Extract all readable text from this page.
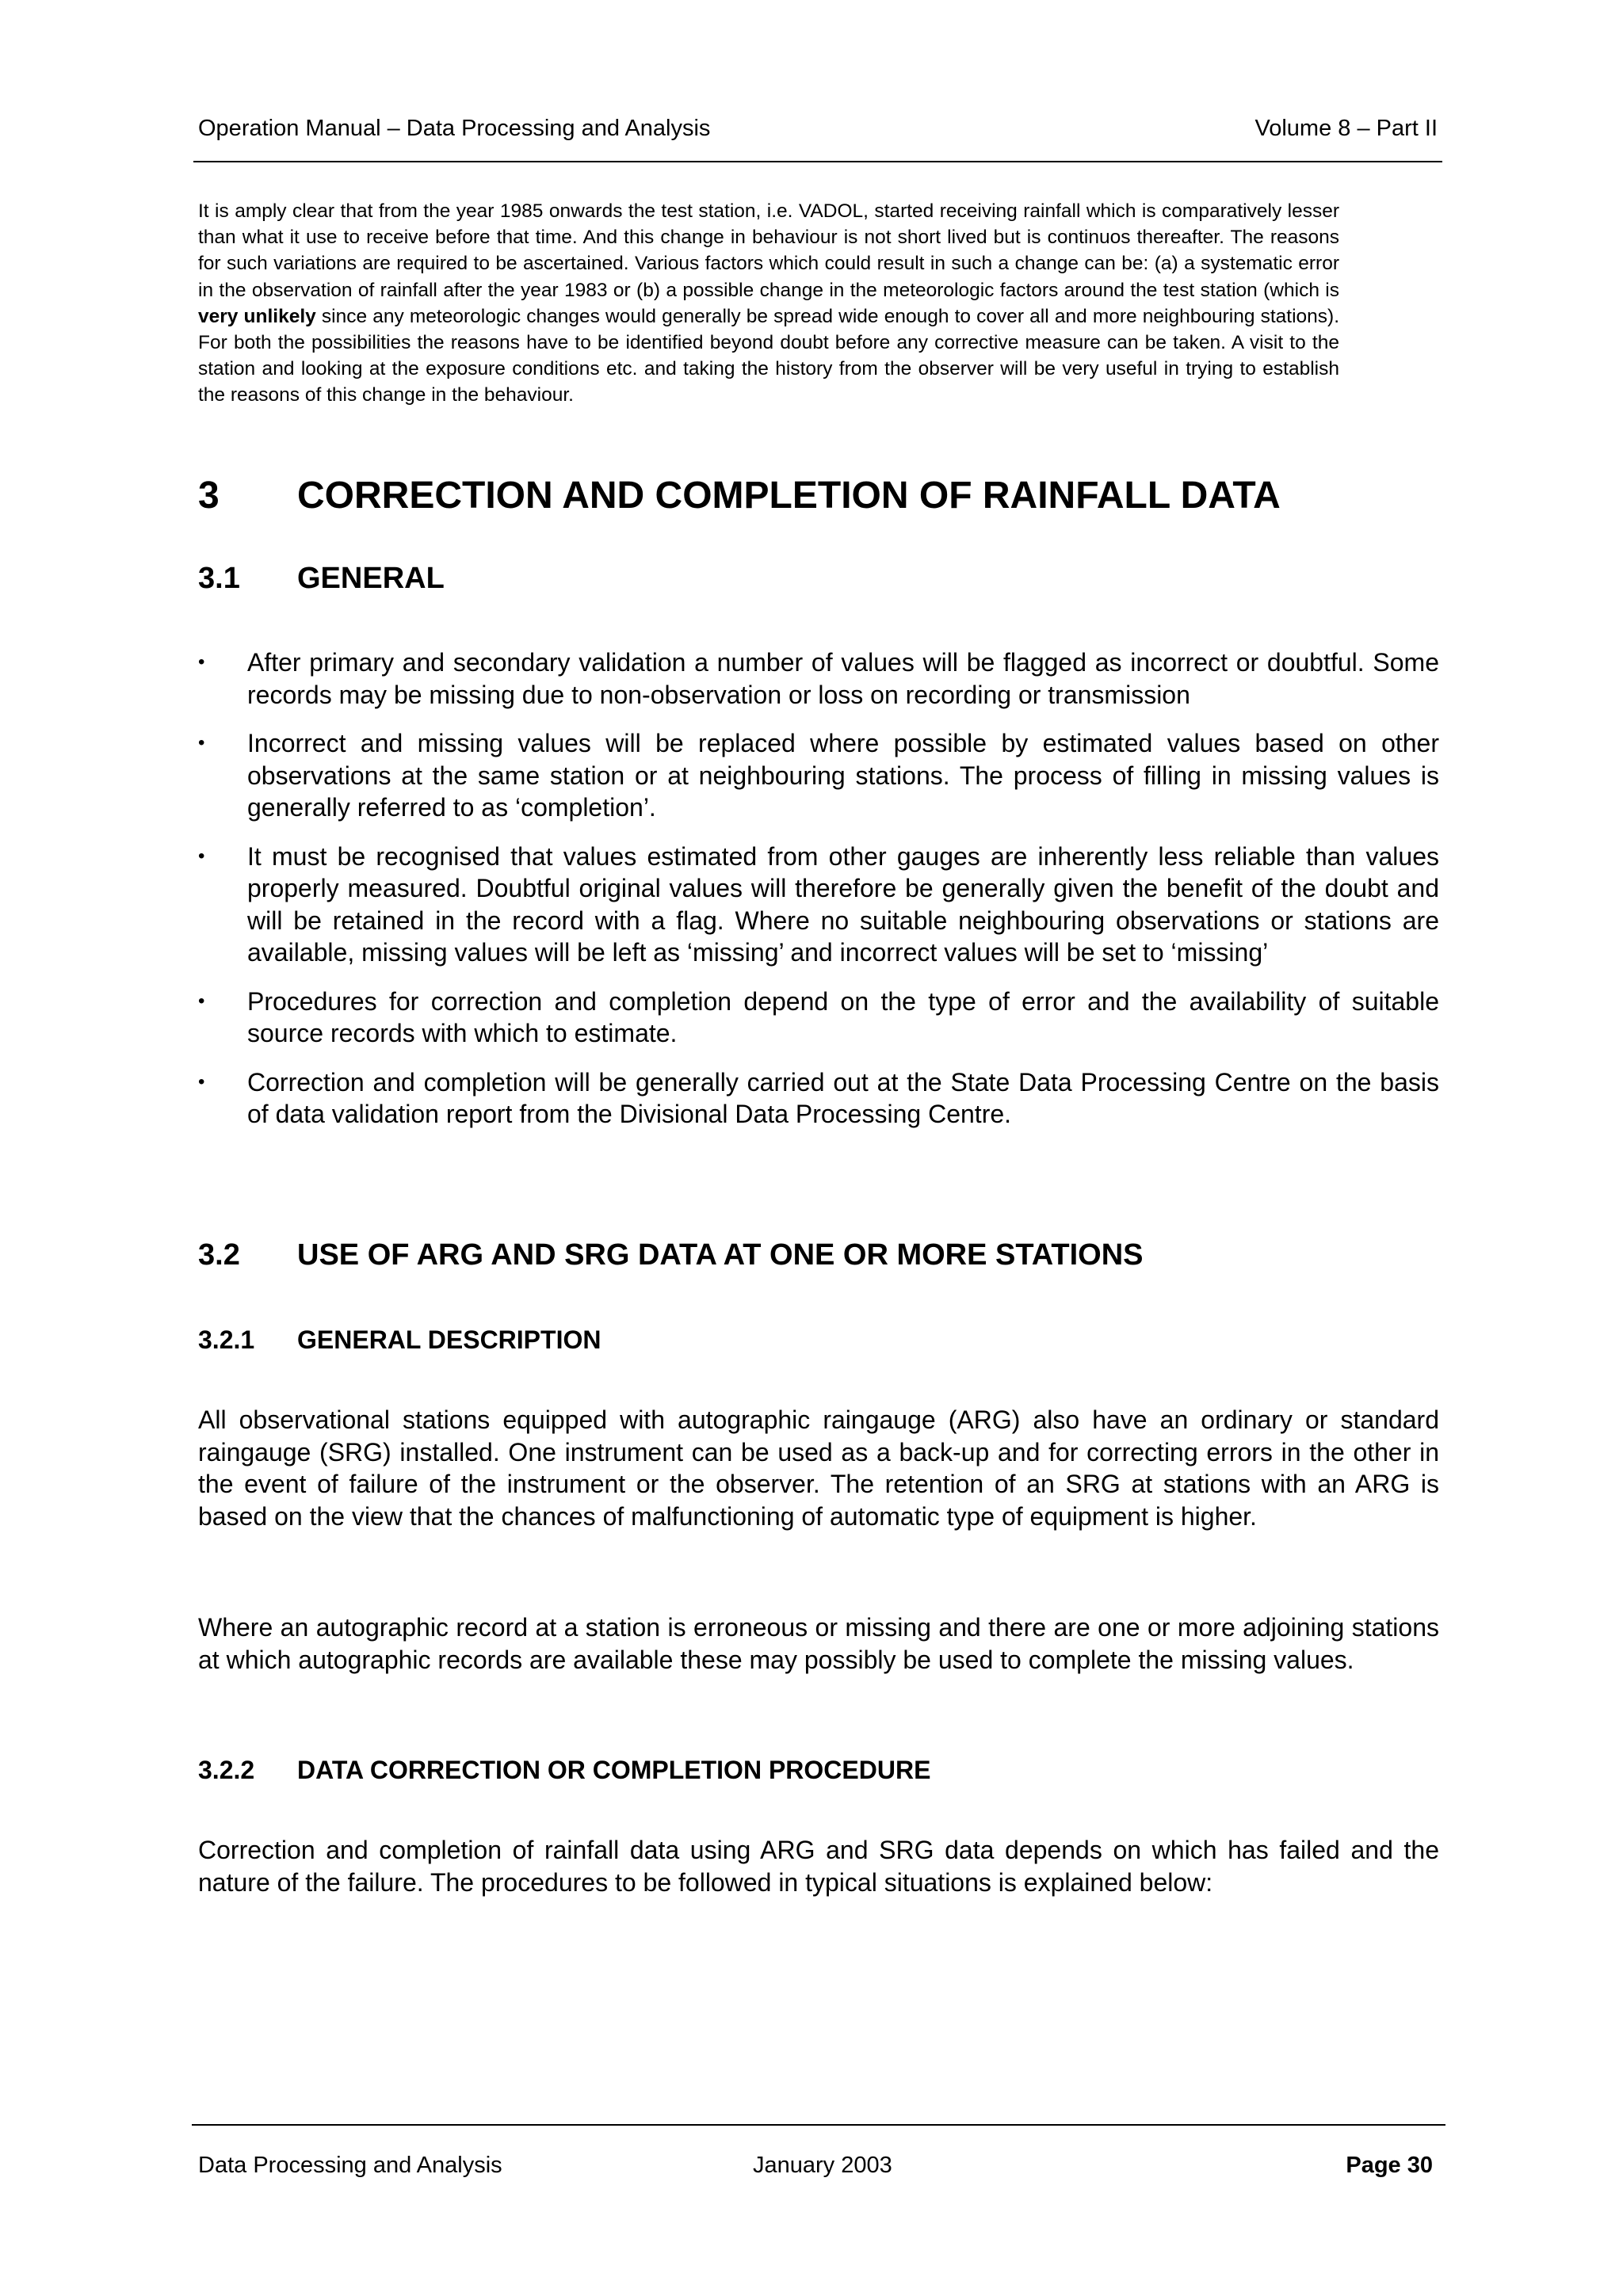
Operation Manual – Data Processing and Analysis	Volume 8 – Part II

It is amply clear that from the year 1985 onwards the test station, i.e. VADOL, started receiving rainfall which is comparatively lesser than what it use to receive before that time. And this change in behaviour is not short lived but is continuos thereafter. The reasons for such variations are required to be ascertained. Various factors which could result in such a change can be: (a) a systematic error in the observation of rainfall after the year 1983 or (b) a possible change in the meteorologic factors around the test station (which is very unlikely since any meteorologic changes would generally be spread wide enough to cover all and more neighbouring stations). For both the possibilities the reasons have to be identified beyond doubt before any corrective measure can be taken. A visit to the station and looking at the exposure conditions etc. and taking the history from the observer will be very useful in trying to establish the reasons of this change in the behaviour.

3 CORRECTION AND COMPLETION OF RAINFALL DATA
3.1 GENERAL
• After primary and secondary validation a number of values will be flagged as incorrect or doubtful. Some records may be missing due to non-observation or loss on recording or transmission
• Incorrect and missing values will be replaced where possible by estimated values based on other observations at the same station or at neighbouring stations. The process of filling in missing values is generally referred to as ‘completion’.
• It must be recognised that values estimated from other gauges are inherently less reliable than values properly measured. Doubtful original values will therefore be generally given the benefit of the doubt and will be retained in the record with a flag. Where no suitable neighbouring observations or stations are available, missing values will be left as ‘missing’ and incorrect values will be set to ‘missing’
• Procedures for correction and completion depend on the type of error and the availability of suitable source records with which to estimate.
• Correction and completion will be generally carried out at the State Data Processing Centre on the basis of data validation report from the Divisional Data Processing Centre.
3.2 USE OF ARG AND SRG DATA AT ONE OR MORE STATIONS
3.2.1 GENERAL DESCRIPTION

All observational stations equipped with autographic raingauge (ARG) also have an ordinary or standard raingauge (SRG) installed. One instrument can be used as a back-up and for correcting errors in the other in the event of failure of the instrument or the observer. The retention of an SRG at stations with an ARG is based on the view that the chances of malfunctioning of automatic type of equipment is higher.

Where an autographic record at a station is erroneous or missing and there are one or more adjoining stations at which autographic records are available these may possibly be used to complete the missing values.

3.2.2 DATA CORRECTION OR COMPLETION PROCEDURE

Correction and completion of rainfall data using ARG and SRG data depends on which has failed and the nature of the failure. The procedures to be followed in typical situations is explained below:

Data Processing and Analysis	January 2003	Page 30
